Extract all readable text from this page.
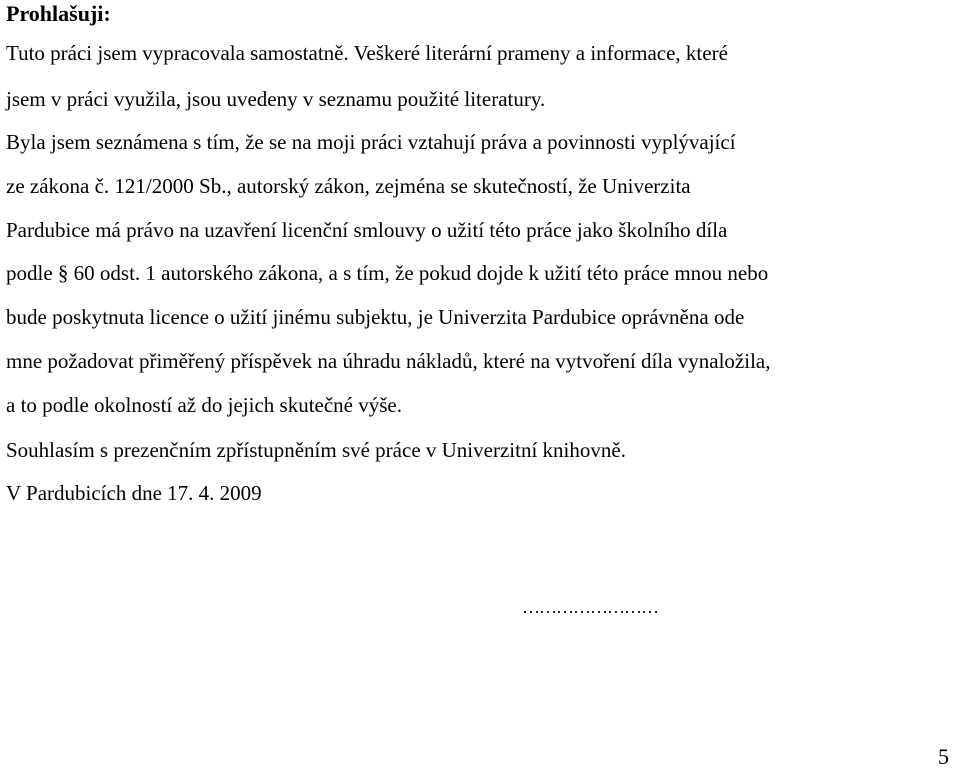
Prohlašuji:
Tuto práci jsem vypracovala samostatně. Veškeré literární prameny a informace, které
jsem v práci využila, jsou uvedeny v seznamu použité literatury.
Byla jsem seznámena s tím, že se na moji práci vztahují práva a povinnosti vyplývající
ze zákona č. 121/2000 Sb., autorský zákon, zejména se skutečností, že Univerzita
Pardubice má právo na uzavření licenční smlouvy o užití této práce jako školního díla
podle § 60 odst. 1 autorského zákona, a s tím, že pokud dojde k užití této práce mnou nebo
bude poskytnuta licence o užití jinému subjektu, je Univerzita Pardubice oprávněna ode
mne požadovat přiměřený příspěvek na úhradu nákladů, které na vytvoření díla vynaložila,
a to podle okolností až do jejich skutečné výše.
Souhlasím s prezenčním zpřístupněním své práce v Univerzitní knihovně.
V Pardubicích dne 17. 4. 2009
……………………
5
